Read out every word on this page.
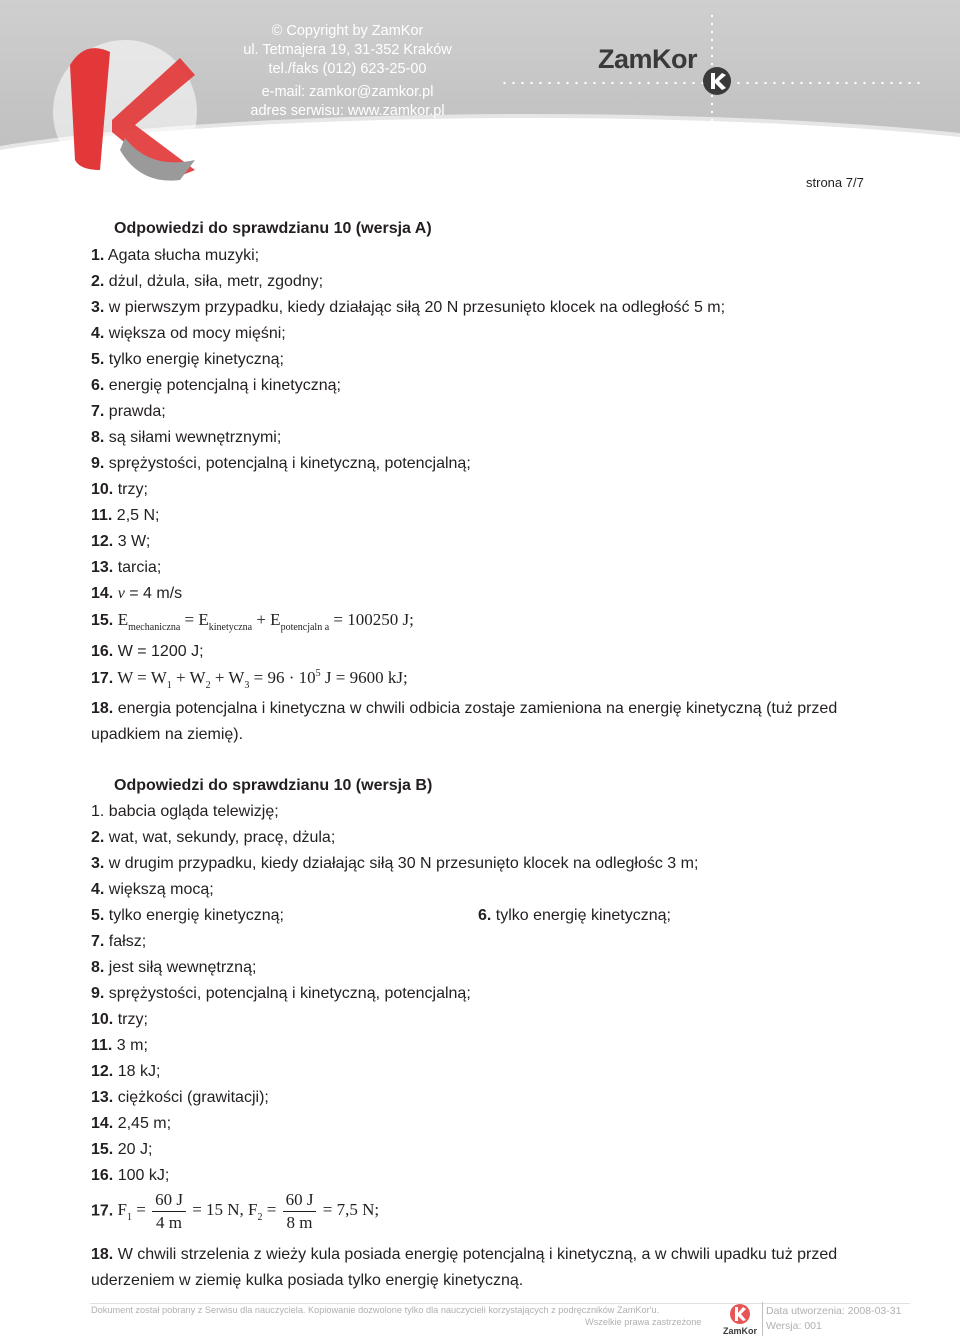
© Copyright by ZamKor
ul. Tetmajera 19, 31-352 Kraków
tel./faks (012) 623-25-00
e-mail: zamkor@zamkor.pl
adres serwisu: www.zamkor.pl
ZamKor
strona 7/7
Odpowiedzi do sprawdzianu 10 (wersja A)
1. Agata słucha muzyki;
2. dżul, dżula, siła, metr, zgodny;
3. w pierwszym przypadku, kiedy działając siłą 20 N przesunięto klocek na odległość 5 m;
4. większa od mocy mięśni;
5. tylko energię kinetyczną;
6. energię potencjalną i kinetyczną;
7. prawda;
8. są siłami wewnętrznymi;
9. sprężystości, potencjalną i kinetyczną, potencjalną;
10. trzy;
11. 2,5 N;
12. 3 W;
13. tarcia;
14. v = 4 m/s
15. $E_{mechaniczna} = E_{kinetyczna} + E_{potencjaln a} = 100250$ J;
16. W = 1200 J;
17. $W = W_1 + W_2 + W_3 = 96 \cdot 10^5$ J = 9600 kJ;
18. energia potencjalna i kinetyczna w chwili odbicia zostaje zamieniona na energię kinetyczną (tuż przed upadkiem na ziemię).
Odpowiedzi do sprawdzianu 10 (wersja B)
1. babcia ogląda telewizję;
2. wat, wat, sekundy, pracę, dżula;
3. w drugim przypadku, kiedy działając siłą 30 N przesunięto klocek na odległośc 3 m;
4. większą mocą;
5. tylko energię kinetyczną;	6. tylko energię kinetyczną;
7. fałsz;
8. jest siłą wewnętrzną;
9. sprężystości, potencjalną i kinetyczną, potencjalną;
10. trzy;
11. 3 m;
12. 18 kJ;
13. ciężkości (grawitacji);
14. 2,45 m;
15. 20 J;
16. 100 kJ;
17. $F_1 = \frac{60 J}{4 m} = 15$ N, $F_2 = \frac{60 J}{8 m} = 7,5$ N;
18. W chwili strzelenia z wieży kula posiada energię potencjalną i kinetyczną, a w chwili upadku tuż przed uderzeniem w ziemię kulka posiada tylko energię kinetyczną.
Dokument został pobrany z Serwisu dla nauczyciela. Kopiowanie dozwolone tylko dla nauczycieli korzystających z podręczników ZamKor'u.
Wszelkie prawa zastrzeżone
ZamKor
Data utworzenia: 2008-03-31
Wersja: 001
